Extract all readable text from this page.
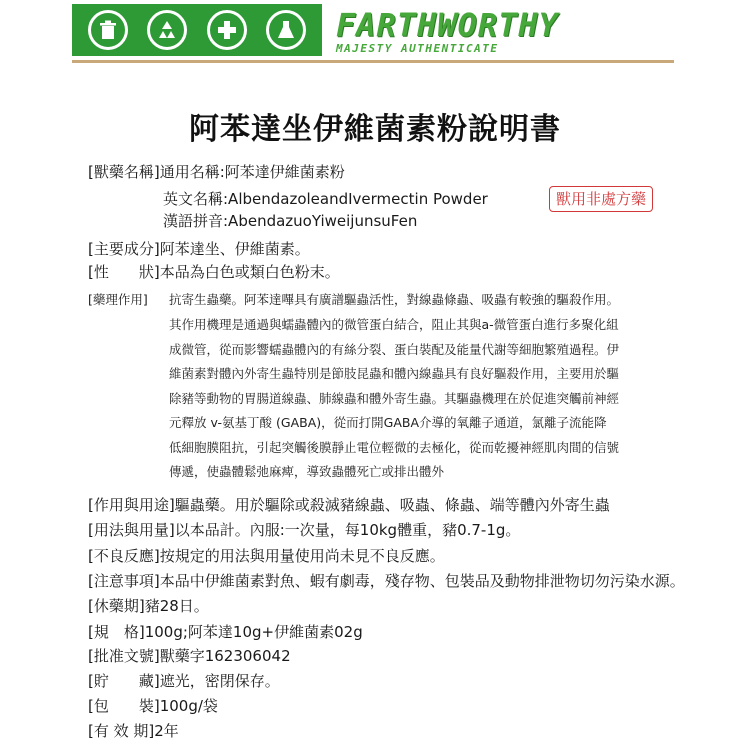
FARTHWORTHY
MAJESTY AUTHENTICATE
阿苯達坐伊維菌素粉說明書
[獸藥名稱]通用名稱:阿苯達伊維菌素粉
英文名稱:AlbendazoleandIvermectin Powder
漢語拼音:AbendazuoYiweijunsuFen
獸用非處方藥
[主要成分]阿苯達坐、伊維菌素。
[性　　狀]本品為白色或類白色粉末。
[藥理作用] 抗寄生蟲藥。阿苯達嗶具有廣譜驅蟲活性，對線蟲條蟲、吸蟲有較強的驅殺作用。
其作用機理是通過與蠕蟲體內的微管蛋白結合，阻止其與a-微管蛋白進行多聚化組
成微管，從而影響蠕蟲體內的有絲分裂、蛋白裝配及能量代謝等細胞繁殖過程。伊
維菌素對體內外寄生蟲特別是節肢昆蟲和體內線蟲具有良好驅殺作用，主要用於驅
除豬等動物的胃腸道線蟲、肺線蟲和體外寄生蟲。其驅蟲機理在於促進突觸前神經
元釋放 v-氨基丁酸 (GABA)，從而打開GABA介導的氧離子通道，氯離子流能降
低細胞膜阻抗，引起突觸後膜靜止電位輕微的去極化，從而乾擾神經肌肉間的信號
傳遞，使蟲體鬆弛麻痺，導致蟲體死亡或排出體外
[作用與用途]驅蟲藥。用於驅除或殺滅豬線蟲、吸蟲、條蟲、端等體內外寄生蟲
[用法與用量]以本品計。內服:一次量，每10kg體重，豬0.7-1g。
[不良反應]按規定的用法與用量使用尚未見不良反應。
[注意事項]本品中伊維菌素對魚、蝦有劇毒，殘存物、包裝品及動物排泄物切勿污染水源。
[休藥期]豬28日。
[規　格]100g;阿苯達10g+伊維菌素02g
[批准文號]獸藥字162306042
[貯　　藏]遮光，密閉保存。
[包　　裝]100g/袋
[有 效 期]2年
